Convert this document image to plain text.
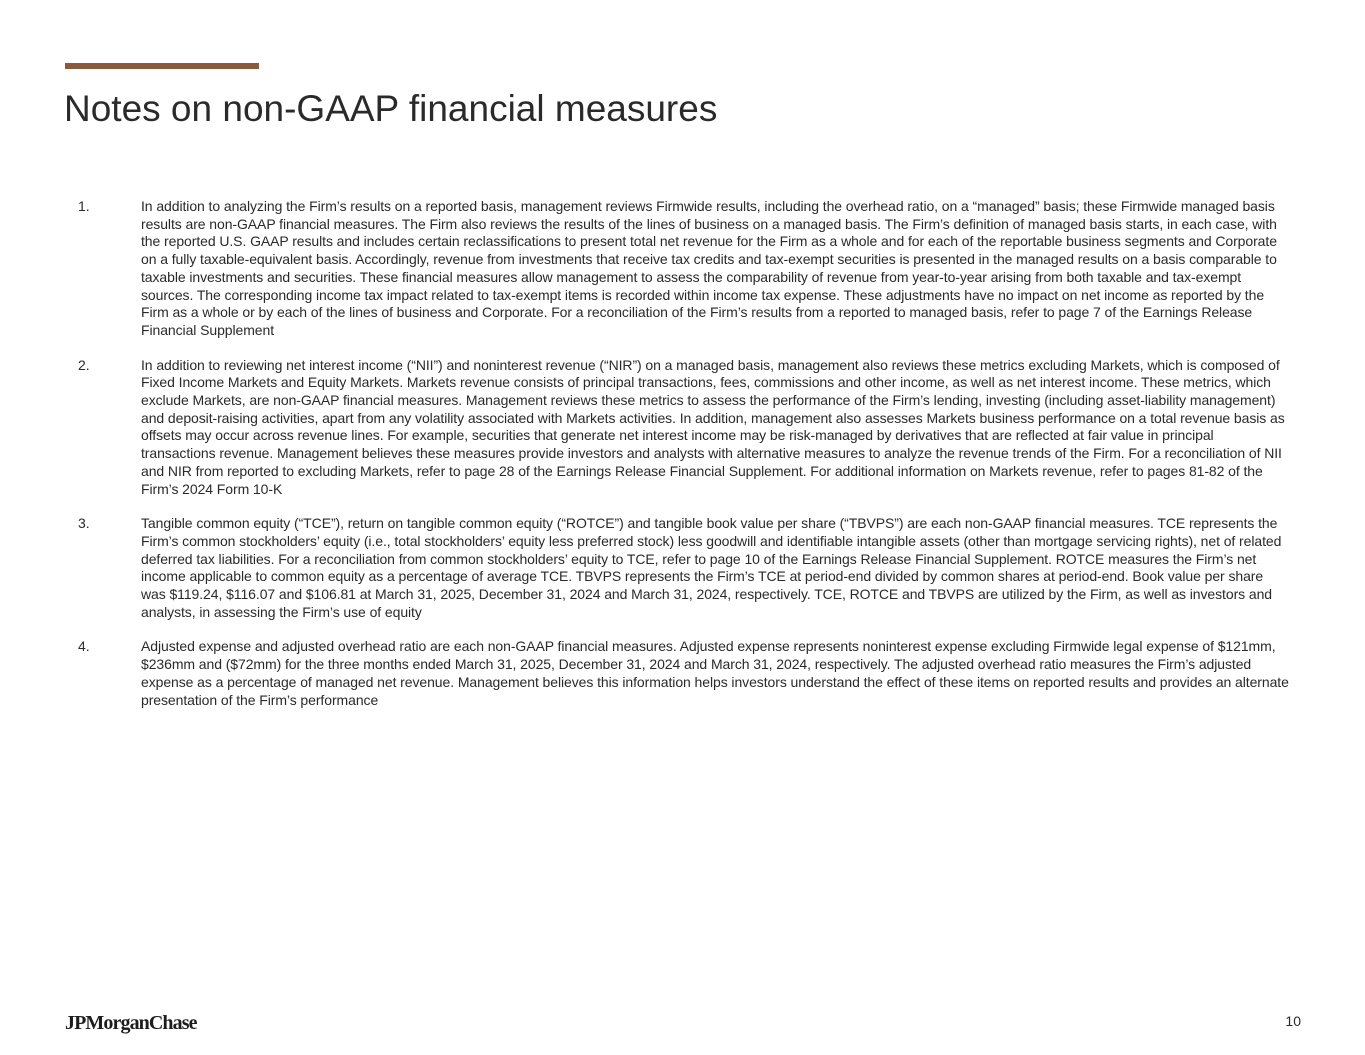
Notes on non-GAAP financial measures
1.	In addition to analyzing the Firm’s results on a reported basis, management reviews Firmwide results, including the overhead ratio, on a “managed” basis; these Firmwide managed basis results are non-GAAP financial measures. The Firm also reviews the results of the lines of business on a managed basis. The Firm’s definition of managed basis starts, in each case, with the reported U.S. GAAP results and includes certain reclassifications to present total net revenue for the Firm as a whole and for each of the reportable business segments and Corporate on a fully taxable-equivalent basis. Accordingly, revenue from investments that receive tax credits and tax-exempt securities is presented in the managed results on a basis comparable to taxable investments and securities. These financial measures allow management to assess the comparability of revenue from year-to-year arising from both taxable and tax-exempt sources. The corresponding income tax impact related to tax-exempt items is recorded within income tax expense. These adjustments have no impact on net income as reported by the Firm as a whole or by each of the lines of business and Corporate. For a reconciliation of the Firm’s results from a reported to managed basis, refer to page 7 of the Earnings Release Financial Supplement

2.	In addition to reviewing net interest income (“NII”) and noninterest revenue (“NIR”) on a managed basis, management also reviews these metrics excluding Markets, which is composed of Fixed Income Markets and Equity Markets. Markets revenue consists of principal transactions, fees, commissions and other income, as well as net interest income. These metrics, which exclude Markets, are non-GAAP financial measures. Management reviews these metrics to assess the performance of the Firm’s lending, investing (including asset-liability management) and deposit-raising activities, apart from any volatility associated with Markets activities. In addition, management also assesses Markets business performance on a total revenue basis as offsets may occur across revenue lines. For example, securities that generate net interest income may be risk-managed by derivatives that are reflected at fair value in principal transactions revenue. Management believes these measures provide investors and analysts with alternative measures to analyze the revenue trends of the Firm. For a reconciliation of NII and NIR from reported to excluding Markets, refer to page 28 of the Earnings Release Financial Supplement. For additional information on Markets revenue, refer to pages 81-82 of the Firm’s 2024 Form 10-K

3.	Tangible common equity (“TCE”), return on tangible common equity (“ROTCE”) and tangible book value per share (“TBVPS”) are each non-GAAP financial measures. TCE represents the Firm’s common stockholders’ equity (i.e., total stockholders’ equity less preferred stock) less goodwill and identifiable intangible assets (other than mortgage servicing rights), net of related deferred tax liabilities. For a reconciliation from common stockholders’ equity to TCE, refer to page 10 of the Earnings Release Financial Supplement. ROTCE measures the Firm’s net income applicable to common equity as a percentage of average TCE. TBVPS represents the Firm’s TCE at period-end divided by common shares at period-end. Book value per share was $119.24, $116.07 and $106.81 at March 31, 2025, December 31, 2024 and March 31, 2024, respectively. TCE, ROTCE and TBVPS are utilized by the Firm, as well as investors and analysts, in assessing the Firm’s use of equity

4.	Adjusted expense and adjusted overhead ratio are each non-GAAP financial measures. Adjusted expense represents noninterest expense excluding Firmwide legal expense of $121mm, $236mm and ($72mm) for the three months ended March 31, 2025, December 31, 2024 and March 31, 2024, respectively. The adjusted overhead ratio measures the Firm’s adjusted expense as a percentage of managed net revenue. Management believes this information helps investors understand the effect of these items on reported results and provides an alternate presentation of the Firm’s performance

JPMorganChase	10
